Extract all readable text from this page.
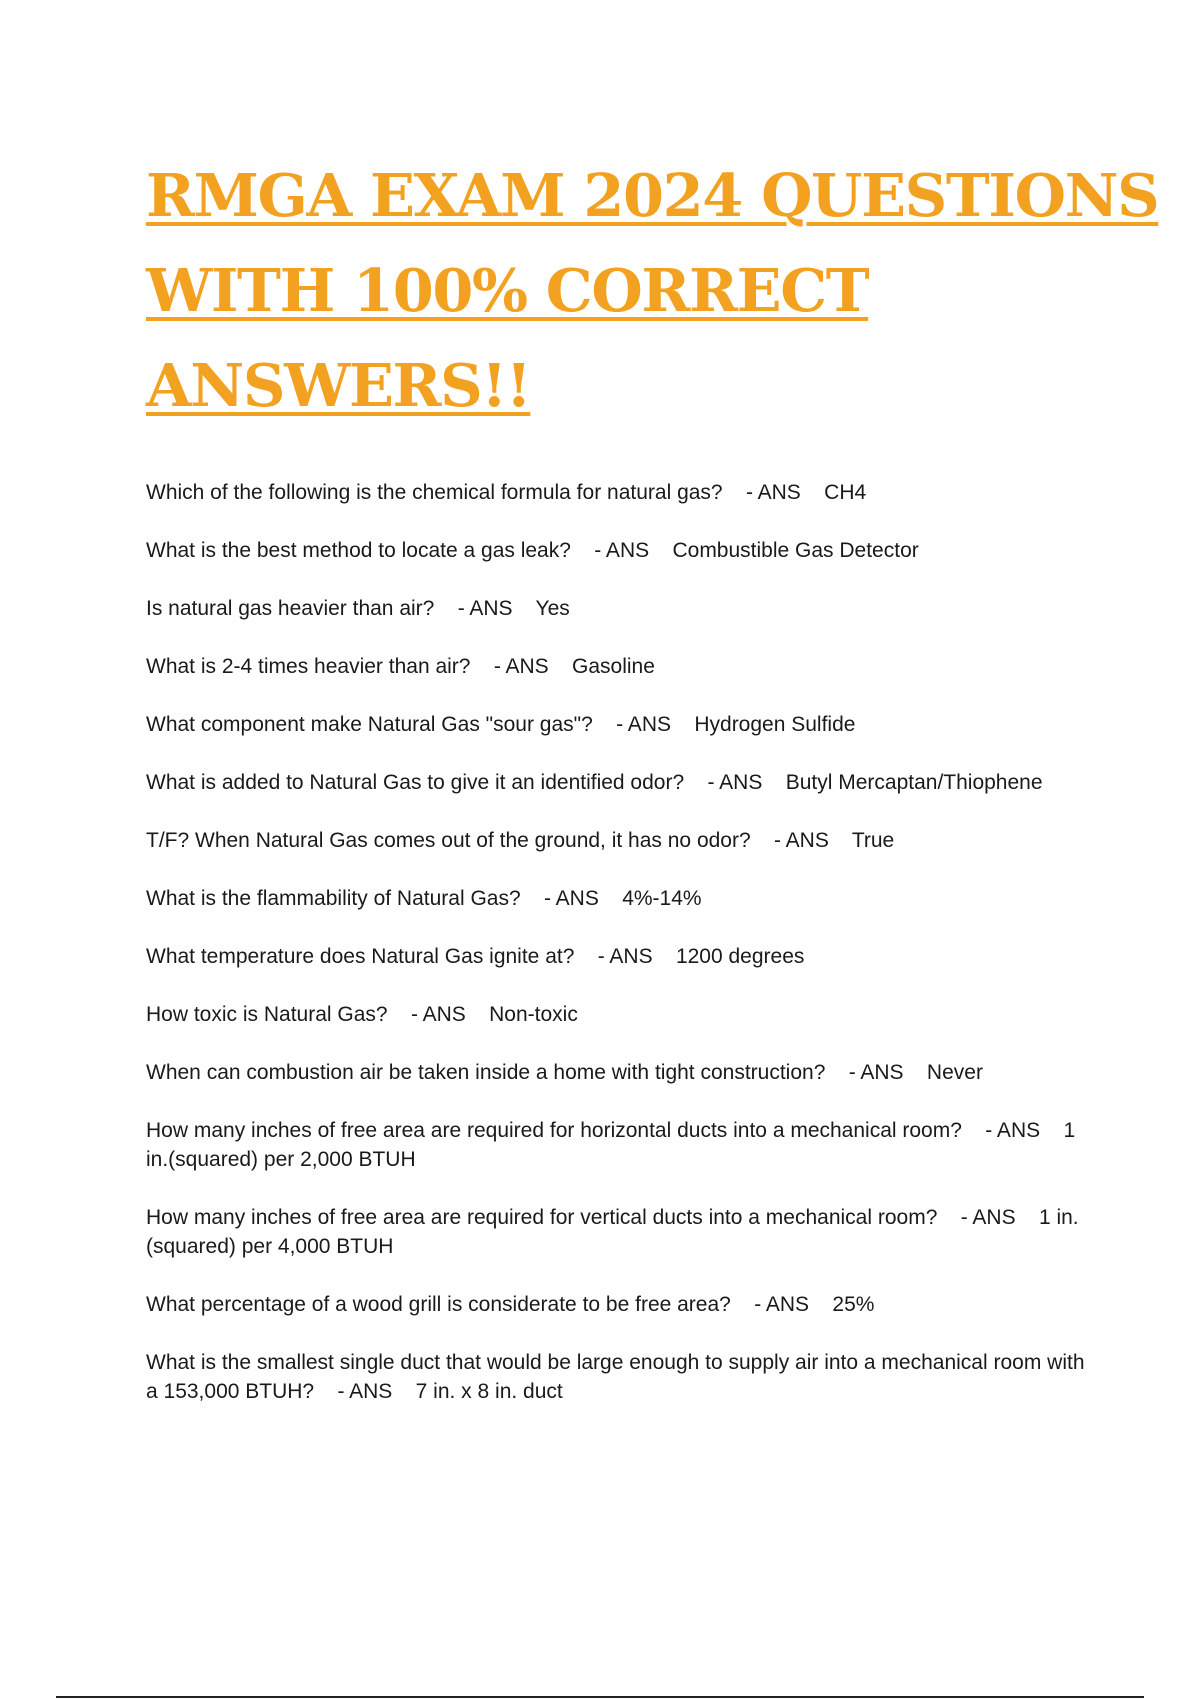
RMGA EXAM 2024 QUESTIONS
WITH 100% CORRECT
ANSWERS!!
Which of the following is the chemical formula for natural gas? - ANS CH4
What is the best method to locate a gas leak? - ANS Combustible Gas Detector
Is natural gas heavier than air? - ANS Yes
What is 2-4 times heavier than air? - ANS Gasoline
What component make Natural Gas "sour gas"? - ANS Hydrogen Sulfide
What is added to Natural Gas to give it an identified odor? - ANS Butyl Mercaptan/Thiophene
T/F? When Natural Gas comes out of the ground, it has no odor? - ANS True
What is the flammability of Natural Gas? - ANS 4%-14%
What temperature does Natural Gas ignite at? - ANS 1200 degrees
How toxic is Natural Gas? - ANS Non-toxic
When can combustion air be taken inside a home with tight construction? - ANS Never
How many inches of free area are required for horizontal ducts into a mechanical room? - ANS 1 in.(squared) per 2,000 BTUH
How many inches of free area are required for vertical ducts into a mechanical room? - ANS 1 in. (squared) per 4,000 BTUH
What percentage of a wood grill is considerate to be free area? - ANS 25%
What is the smallest single duct that would be large enough to supply air into a mechanical room with a 153,000 BTUH? - ANS 7 in. x 8 in. duct
